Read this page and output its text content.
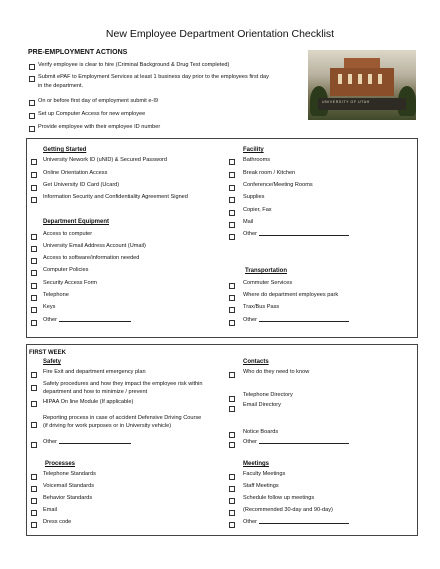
New Employee Department Orientation Checklist
PRE-EMPLOYMENT ACTIONS
Verify employee is clear to hire (Criminal Background & Drug Test completed)
Submit ePAF to Employment Services at least 1 business day prior to the employees first day
in the department.
On or before first day of employment submit e-I9
Set up Computer Access for new employee
Provide employee with their employee ID number
UNIVERSITY OF UTAH
Getting Started
University Nework ID (uNID) & Secured Password
Online Orientation Access
Get University ID Card (Ucard)
Information Security and Confidentiality Agreement Signed
Department Equipment
Access to computer
University Email Address Account (Umail)
Access to software/information needed
Computer Policies
Security Access Form
Telephone
Keys
Other
Facility
Bathrooms
Break room / Kitchen
Conference/Meeting Rooms
Supplies
Copier, Fax
Mail
Other
Transportation
Commuter Services
Where do department employees park
Trax/Bus Pass
Other
FIRST WEEK
Safety
Fire Exit and department emergency plan
Safety procedures and how they impact the employee risk within
department and how to minimize / prevent
HIPAA On line Module (If applicable)
Reporting process in case of accident Defensive Driving Course
(if driving for work purposes or in University vehicle)
Other
Contacts
Who do they need to know
Telephone Directory
Email Directory
Notice Boards
Other
Processes
Telephone Standards
Voicemail Standards
Behavior Standards
Email
Dress code
Meetings
Faculty Meetings
Staff Meetings
Schedule follow up meetings
(Recommended 30-day and 90-day)
Other
